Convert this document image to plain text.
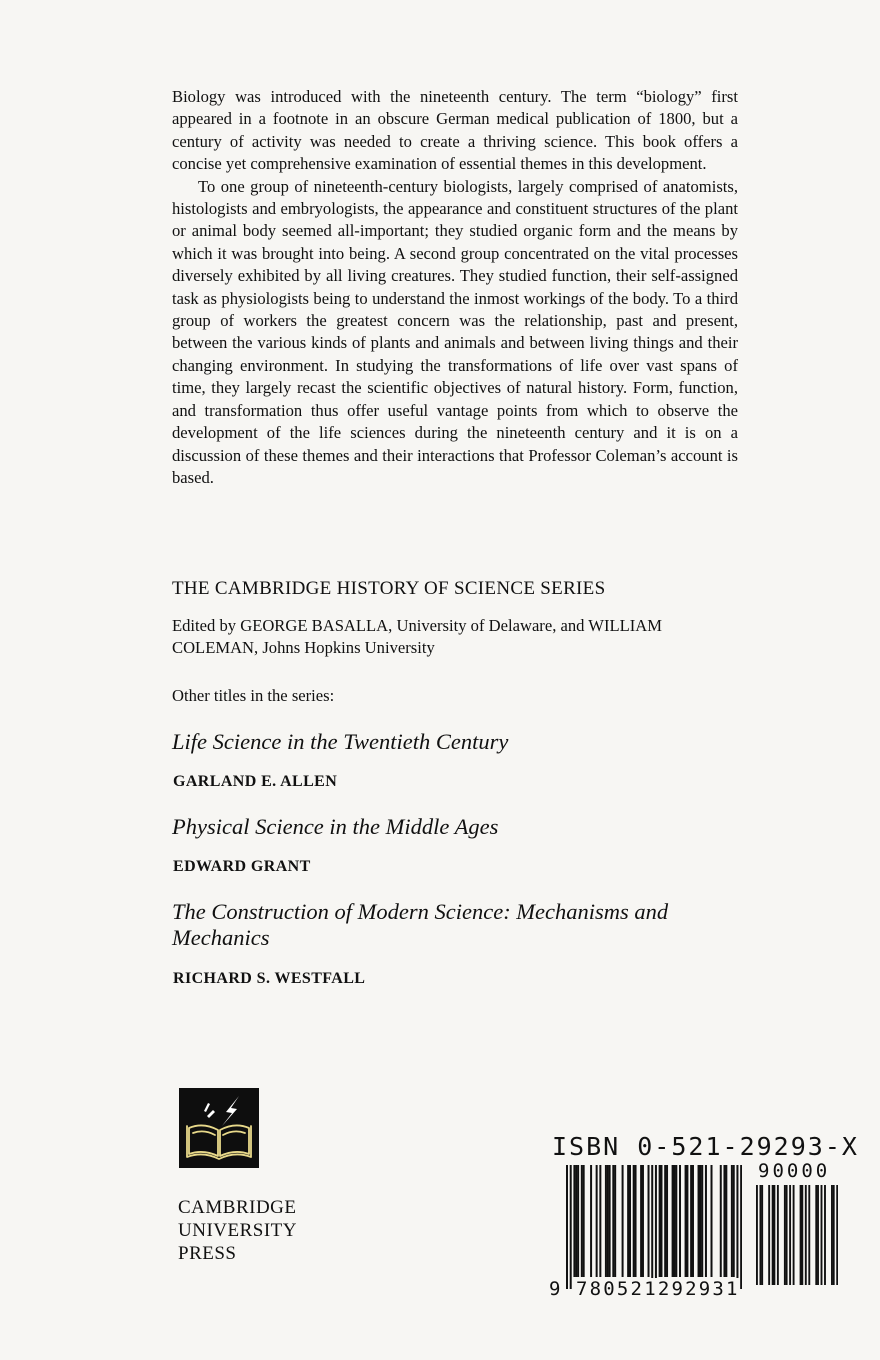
Biology was introduced with the nineteenth century. The term “biology” first appeared in a footnote in an obscure German medical publication of 1800, but a century of activity was needed to create a thriving science. This book offers a concise yet comprehensive examination of essential themes in this development.

To one group of nineteenth-century biologists, largely comprised of anatomists, histologists and embryologists, the appearance and constituent structures of the plant or animal body seemed all-important; they studied organic form and the means by which it was brought into being. A second group concentrated on the vital processes diversely exhibited by all living creatures. They studied function, their self-assigned task as physiologists being to understand the inmost workings of the body. To a third group of workers the greatest concern was the relationship, past and present, between the various kinds of plants and animals and between living things and their changing environment. In studying the transformations of life over vast spans of time, they largely recast the scientific objectives of natural history. Form, function, and transformation thus offer useful vantage points from which to observe the development of the life sciences during the nineteenth century and it is on a discussion of these themes and their interactions that Professor Coleman’s account is based.

THE CAMBRIDGE HISTORY OF SCIENCE SERIES
Edited by GEORGE BASALLA, University of Delaware, and WILLIAM COLEMAN, Johns Hopkins University
Other titles in the series:
Life Science in the Twentieth Century
GARLAND E. ALLEN
Physical Science in the Middle Ages
EDWARD GRANT
The Construction of Modern Science: Mechanisms and Mechanics
RICHARD S. WESTFALL
CAMBRIDGE
UNIVERSITY
PRESS
ISBN 0-521-29293-X
90000
9 780521292931
